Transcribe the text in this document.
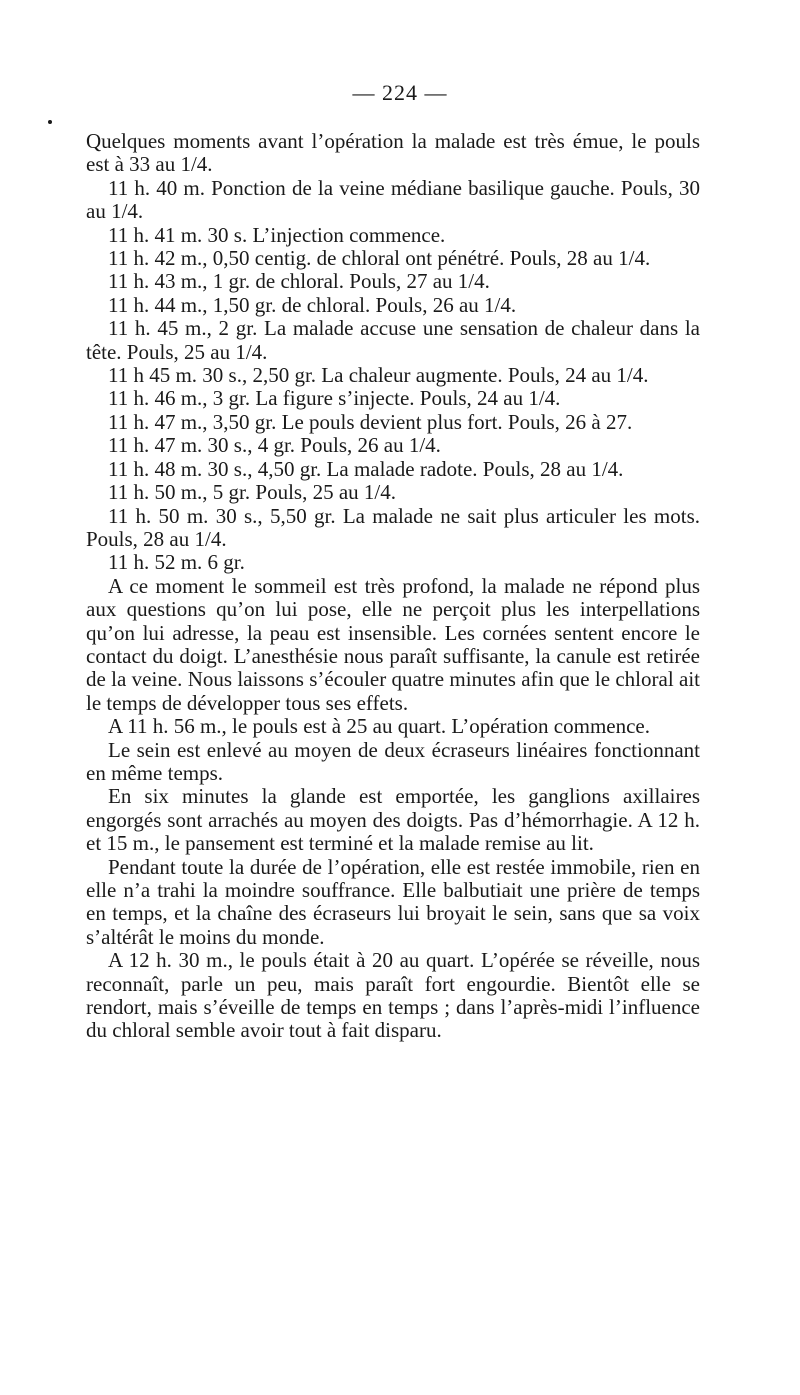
— 224 —

Quelques moments avant l’opération la malade est très émue, le pouls est à 33 au 1/4.

11 h. 40 m. Ponction de la veine médiane basilique gauche. Pouls, 30 au 1/4.

11 h. 41 m. 30 s. L’injection commence.

11 h. 42 m., 0,50 centig. de chloral ont pénétré. Pouls, 28 au 1/4.

11 h. 43 m., 1 gr. de chloral. Pouls, 27 au 1/4.

11 h. 44 m., 1,50 gr. de chloral. Pouls, 26 au 1/4.

11 h. 45 m., 2 gr. La malade accuse une sensation de chaleur dans la tête. Pouls, 25 au 1/4.

11 h 45 m. 30 s., 2,50 gr. La chaleur augmente. Pouls, 24 au 1/4.

11 h. 46 m., 3 gr. La figure s’injecte. Pouls, 24 au 1/4.

11 h. 47 m., 3,50 gr. Le pouls devient plus fort. Pouls, 26 à 27.

11 h. 47 m. 30 s., 4 gr. Pouls, 26 au 1/4.

11 h. 48 m. 30 s., 4,50 gr. La malade radote. Pouls, 28 au 1/4.

11 h. 50 m., 5 gr. Pouls, 25 au 1/4.

11 h. 50 m. 30 s., 5,50 gr. La malade ne sait plus articuler les mots. Pouls, 28 au 1/4.

11 h. 52 m. 6 gr.

A ce moment le sommeil est très profond, la malade ne répond plus aux questions qu’on lui pose, elle ne perçoit plus les interpellations qu’on lui adresse, la peau est insensible. Les cornées sentent encore le contact du doigt. L’anesthésie nous paraît suffisante, la canule est retirée de la veine. Nous laissons s’écouler quatre minutes afin que le chloral ait le temps de développer tous ses effets.

A 11 h. 56 m., le pouls est à 25 au quart. L’opération commence.

Le sein est enlevé au moyen de deux écraseurs linéaires fonctionnant en même temps.

En six minutes la glande est emportée, les ganglions axillaires engorgés sont arrachés au moyen des doigts. Pas d’hémorrhagie. A 12 h. et 15 m., le pansement est terminé et la malade remise au lit.

Pendant toute la durée de l’opération, elle est restée immobile, rien en elle n’a trahi la moindre souffrance. Elle balbutiait une prière de temps en temps, et la chaîne des écraseurs lui broyait le sein, sans que sa voix s’altérât le moins du monde.

A 12 h. 30 m., le pouls était à 20 au quart. L’opérée se réveille, nous reconnaît, parle un peu, mais paraît fort engourdie. Bientôt elle se rendort, mais s’éveille de temps en temps ; dans l’après-midi l’influence du chloral semble avoir tout à fait disparu.
